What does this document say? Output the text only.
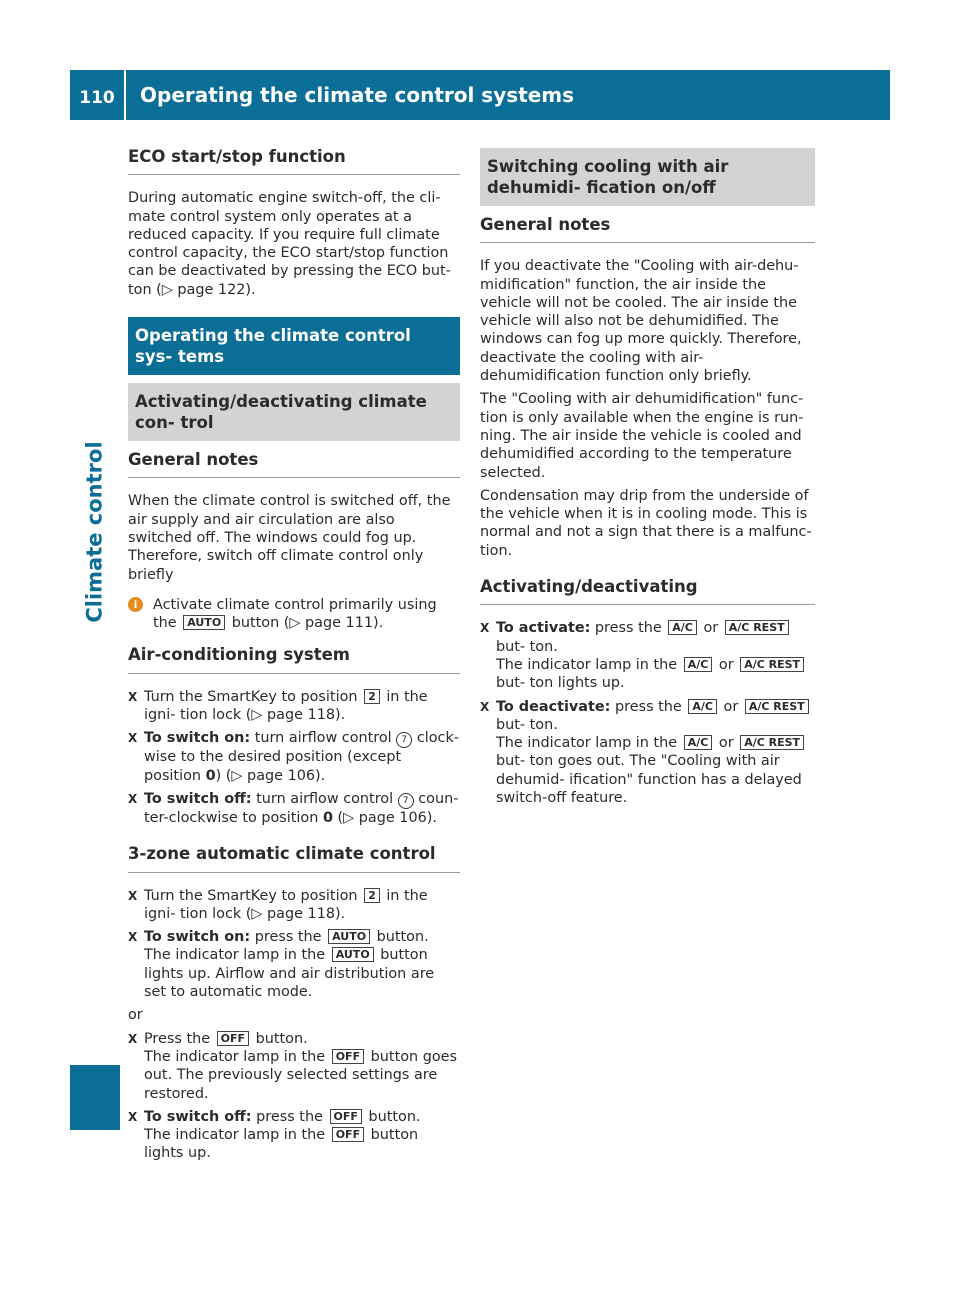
110	Operating the climate control systems
Climate control
ECO start/stop function

During automatic engine switch-off, the cli- mate control system only operates at a reduced capacity. If you require full climate control capacity, the ECO start/stop function can be deactivated by pressing the ECO but- ton (▷ page 122).

Operating the climate control sys- tems
Activating/deactivating climate con- trol
General notes

When the climate control is switched off, the air supply and air circulation are also switched off. The windows could fog up. Therefore, switch off climate control only briefly

i	Activate climate control primarily using the AUTO button (▷ page 111).
Air-conditioning system
X Turn the SmartKey to position 2 in the igni- tion lock (▷ page 118).
X To switch on: turn airflow control 7 clock- wise to the desired position (except position 0) (▷ page 106).
X To switch off: turn airflow control 7 coun- ter-clockwise to position 0 (▷ page 106).
3-zone automatic climate control
X Turn the SmartKey to position 2 in the igni- tion lock (▷ page 118).
X To switch on: press the AUTO button.
The indicator lamp in the AUTO button lights up. Airflow and air distribution are set to automatic mode.

or

X Press the OFF button.
The indicator lamp in the OFF button goes out. The previously selected settings are restored.
X To switch off: press the OFF button.
The indicator lamp in the OFF button lights up.
Switching cooling with air dehumidi- fication on/off
General notes

If you deactivate the "Cooling with air-dehu- midification" function, the air inside the vehicle will not be cooled. The air inside the vehicle will also not be dehumidified. The windows can fog up more quickly. Therefore, deactivate the cooling with air-dehumidification function only briefly.

The "Cooling with air dehumidification" func- tion is only available when the engine is run- ning. The air inside the vehicle is cooled and dehumidified according to the temperature selected.

Condensation may drip from the underside of the vehicle when it is in cooling mode. This is normal and not a sign that there is a malfunc- tion.

Activating/deactivating
X To activate: press the A/C or A/C REST but- ton.
The indicator lamp in the A/C or A/C REST but- ton lights up.
X To deactivate: press the A/C or A/C REST but- ton.
The indicator lamp in the A/C or A/C REST but- ton goes out. The "Cooling with air dehumid- ification" function has a delayed switch-off feature.
